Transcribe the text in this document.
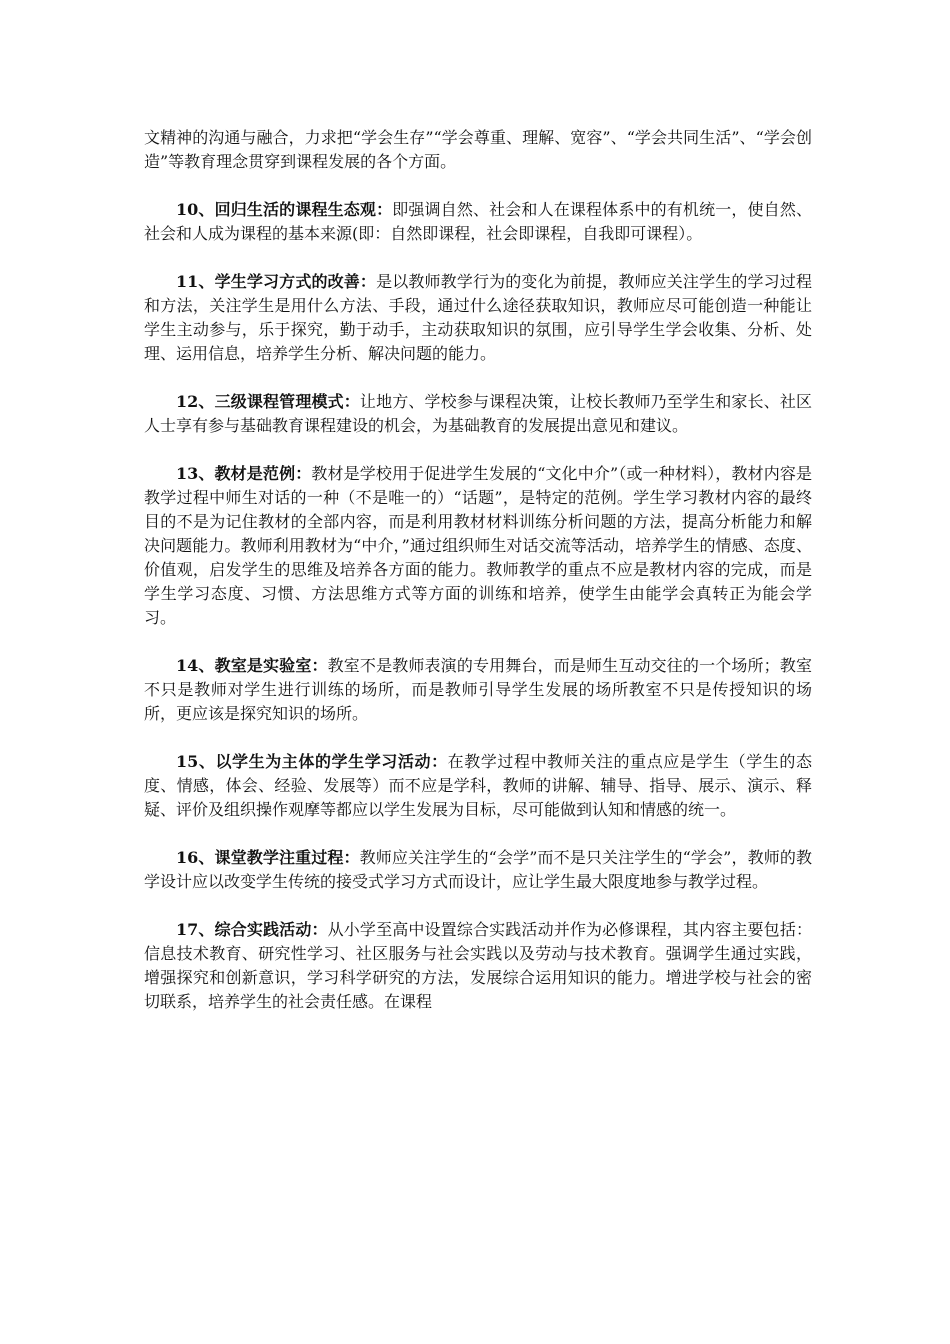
文精神的沟通与融合，力求把“学会生存”“学会尊重、理解、宽容”、“学会共同生活”、“学会创造”等教育理念贯穿到课程发展的各个方面。

10、回归生活的课程生态观：即强调自然、社会和人在课程体系中的有机统一，使自然、社会和人成为课程的基本来源(即：自然即课程，社会即课程，自我即可课程）。

11、学生学习方式的改善：是以教师教学行为的变化为前提，教师应关注学生的学习过程和方法，关注学生是用什么方法、手段，通过什么途径获取知识，教师应尽可能创造一种能让学生主动参与，乐于探究，勤于动手，主动获取知识的氛围，应引导学生学会收集、分析、处理、运用信息，培养学生分析、解决问题的能力。

12、三级课程管理模式：让地方、学校参与课程决策，让校长教师乃至学生和家长、社区人士享有参与基础教育课程建设的机会，为基础教育的发展提出意见和建议。

13、教材是范例：教材是学校用于促进学生发展的“文化中介”（或一种材料），教材内容是教学过程中师生对话的一种（不是唯一的）“话题”，是特定的范例。学生学习教材内容的最终目的不是为记住教材的全部内容，而是利用教材材料训练分析问题的方法，提高分析能力和解决问题能力。教师利用教材为“中介，”通过组织师生对话交流等活动，培养学生的情感、态度、价值观，启发学生的思维及培养各方面的能力。教师教学的重点不应是教材内容的完成，而是学生学习态度、习惯、方法思维方式等方面的训练和培养，使学生由能学会真转正为能会学习。

14、教室是实验室：教室不是教师表演的专用舞台，而是师生互动交往的一个场所；教室不只是教师对学生进行训练的场所，而是教师引导学生发展的场所教室不只是传授知识的场所，更应该是探究知识的场所。

15、以学生为主体的学生学习活动：在教学过程中教师关注的重点应是学生（学生的态度、情感，体会、经验、发展等）而不应是学科，教师的讲解、辅导、指导、展示、演示、释疑、评价及组织操作观摩等都应以学生发展为目标，尽可能做到认知和情感的统一。

16、课堂教学注重过程：教师应关注学生的“会学”而不是只关注学生的“学会”，教师的教学设计应以改变学生传统的接受式学习方式而设计，应让学生最大限度地参与教学过程。

17、综合实践活动：从小学至高中设置综合实践活动并作为必修课程，其内容主要包括：信息技术教育、研究性学习、社区服务与社会实践以及劳动与技术教育。强调学生通过实践，增强探究和创新意识，学习科学研究的方法，发展综合运用知识的能力。增进学校与社会的密切联系，培养学生的社会责任感。在课程
